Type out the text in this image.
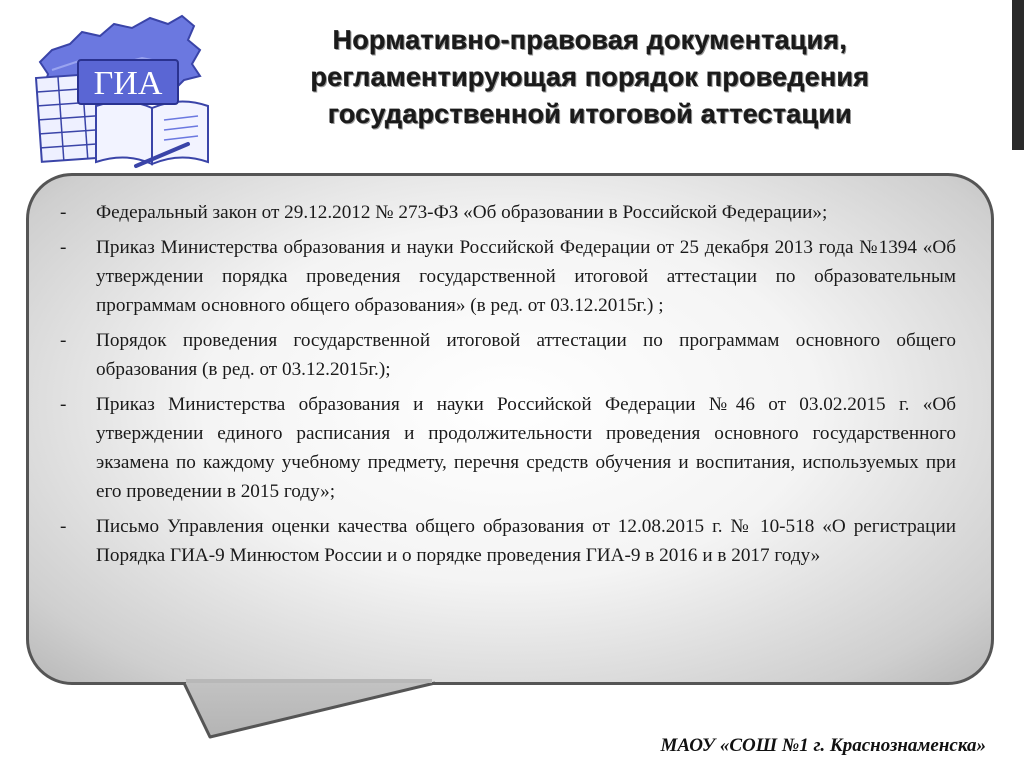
ГИА
Нормативно-правовая документация,
регламентирующая порядок проведения
государственной итоговой аттестации
-	Федеральный закон от 29.12.2012 № 273-ФЗ «Об образовании в Российской Федерации»;
-	Приказ Министерства образования и науки Российской Федерации от 25 декабря 2013 года №1394 «Об утверждении порядка проведения государственной итоговой аттестации по образовательным программам основного общего образования» (в ред. от 03.12.2015г.) ;
-	Порядок проведения государственной итоговой аттестации по программам основного общего образования (в ред. от 03.12.2015г.);
-	Приказ Министерства образования и науки Российской Федерации №46 от 03.02.2015 г. «Об утверждении единого расписания и продолжительности проведения основного государственного экзамена по каждому учебному предмету, перечня средств обучения и воспитания, используемых при его проведении в 2015 году»;
-	Письмо Управления оценки качества общего образования от 12.08.2015 г. № 10-518 «О регистрации Порядка ГИА-9 Минюстом России и о порядке проведения ГИА-9 в 2016 и в 2017 году»
МАОУ «СОШ №1 г. Краснознаменска»
